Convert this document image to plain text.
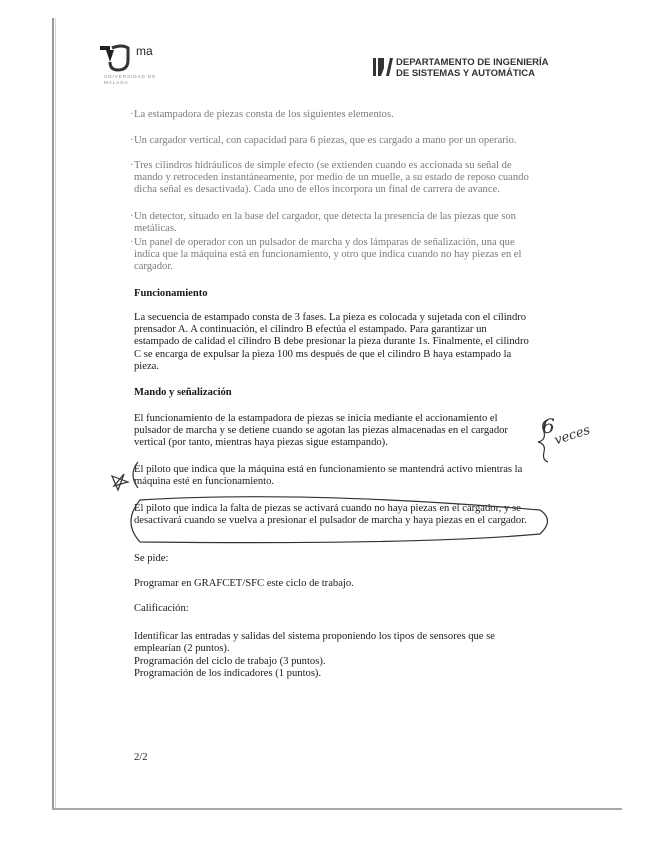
ma
UNIVERSIDAD DE MÁLAGA
DEPARTAMENTO DE INGENIERÍA
DE SISTEMAS Y AUTOMÁTICA
· La estampadora de piezas consta de los siguientes elementos.

· Un cargador vertical, con capacidad para 6 piezas, que es cargado a mano por un operario.

· Tres cilindros hidráulicos de simple efecto (se extienden cuando es accionada su señal de mando y retroceden instantáneamente, por medio de un muelle, a su estado de reposo cuando dicha señal es desactivada). Cada uno de ellos incorpora un final de carrera de avance.

· Un detector, situado en la base del cargador, que detecta la presencia de las piezas que son metálicas.

· Un panel de operador con un pulsador de marcha y dos lámparas de señalización, una que indica que la máquina está en funcionamiento, y otro que indica cuando no hay piezas en el cargador.

Funcionamiento

La secuencia de estampado consta de 3 fases. La pieza es colocada y sujetada con el cilindro prensador A. A continuación, el cilindro B efectúa el estampado. Para garantizar un estampado de calidad el cilindro B debe presionar la pieza durante 1s. Finalmente, el cilindro C se encarga de expulsar la pieza 100 ms después de que el cilindro B haya estampado la pieza.

Mando y señalización

El funcionamiento de la estampadora de piezas se inicia mediante el accionamiento el pulsador de marcha y se detiene cuando se agotan las piezas almacenadas en el cargador vertical (por tanto, mientras haya piezas sigue estampando).

El piloto que indica que la máquina está en funcionamiento se mantendrá activo mientras la máquina esté en funcionamiento.

El piloto que indica la falta de piezas se activará cuando no haya piezas en el cargador, y se desactivará cuando se vuelva a presionar el pulsador de marcha y haya piezas en el cargador.

Se pide:

Programar en GRAFCET/SFC este ciclo de trabajo.

Calificación:

Identificar las entradas y salidas del sistema proponiendo los tipos de sensores que se emplearían (2 puntos).

Programación del ciclo de trabajo (3 puntos).

Programación de los indicadores (1 puntos).

2/2
6
veces
